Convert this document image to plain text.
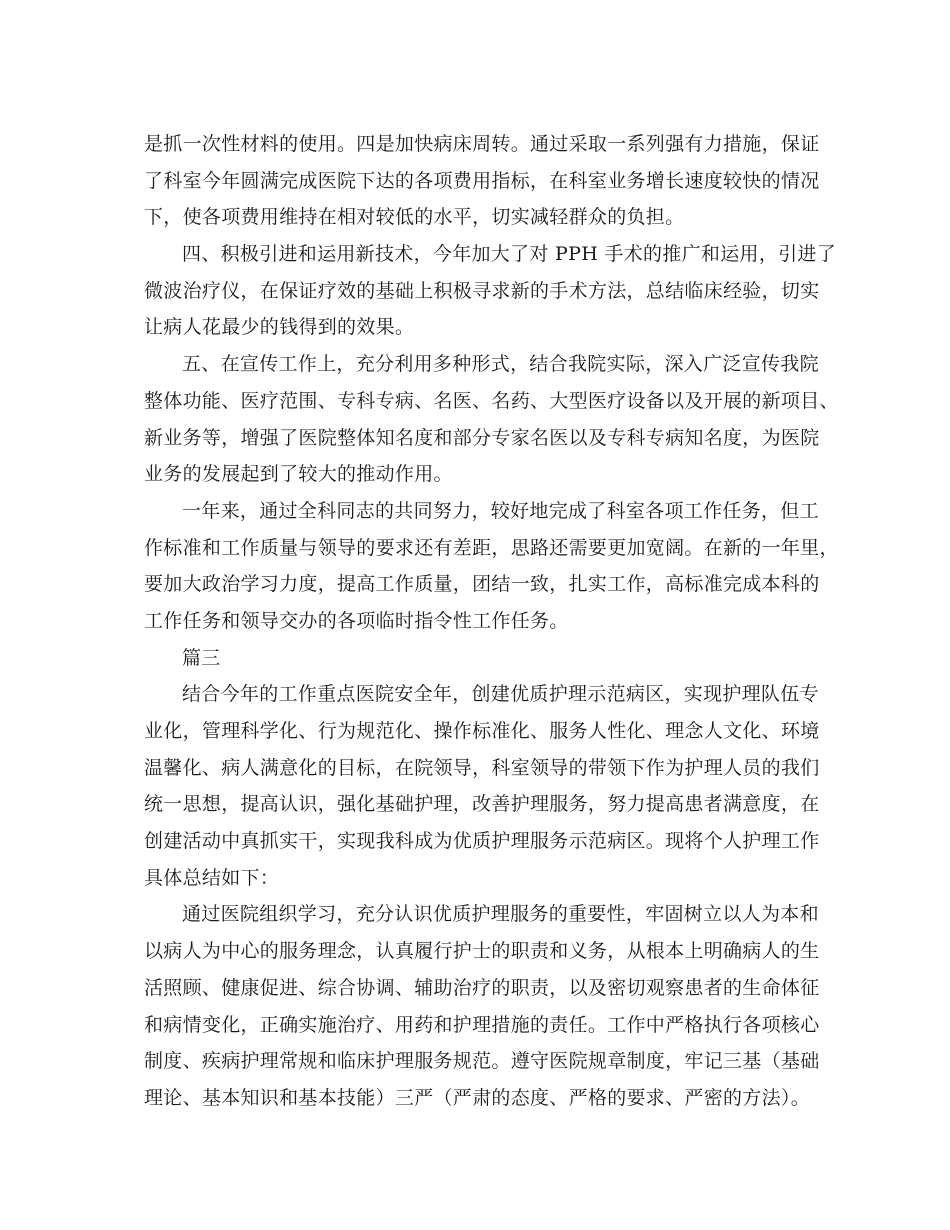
是抓一次性材料的使用。四是加快病床周转。通过采取一系列强有力措施，保证
了科室今年圆满完成医院下达的各项费用指标，在科室业务增长速度较快的情况
下，使各项费用维持在相对较低的水平，切实减轻群众的负担。
四、积极引进和运用新技术，今年加大了对 PPH 手术的推广和运用，引进了
微波治疗仪，在保证疗效的基础上积极寻求新的手术方法，总结临床经验，切实
让病人花最少的钱得到的效果。
五、在宣传工作上，充分利用多种形式，结合我院实际，深入广泛宣传我院
整体功能、医疗范围、专科专病、名医、名药、大型医疗设备以及开展的新项目、
新业务等，增强了医院整体知名度和部分专家名医以及专科专病知名度，为医院
业务的发展起到了较大的推动作用。
一年来，通过全科同志的共同努力，较好地完成了科室各项工作任务，但工
作标准和工作质量与领导的要求还有差距，思路还需要更加宽阔。在新的一年里，
要加大政治学习力度，提高工作质量，团结一致，扎实工作，高标准完成本科的
工作任务和领导交办的各项临时指令性工作任务。
篇三
结合今年的工作重点医院安全年，创建优质护理示范病区，实现护理队伍专
业化，管理科学化、行为规范化、操作标准化、服务人性化、理念人文化、环境
温馨化、病人满意化的目标，在院领导，科室领导的带领下作为护理人员的我们
统一思想，提高认识，强化基础护理，改善护理服务，努力提高患者满意度，在
创建活动中真抓实干，实现我科成为优质护理服务示范病区。现将个人护理工作
具体总结如下：
通过医院组织学习，充分认识优质护理服务的重要性，牢固树立以人为本和
以病人为中心的服务理念，认真履行护士的职责和义务，从根本上明确病人的生
活照顾、健康促进、综合协调、辅助治疗的职责，以及密切观察患者的生命体征
和病情变化，正确实施治疗、用药和护理措施的责任。工作中严格执行各项核心
制度、疾病护理常规和临床护理服务规范。遵守医院规章制度，牢记三基（基础
理论、基本知识和基本技能）三严（严肃的态度、严格的要求、严密的方法）。
